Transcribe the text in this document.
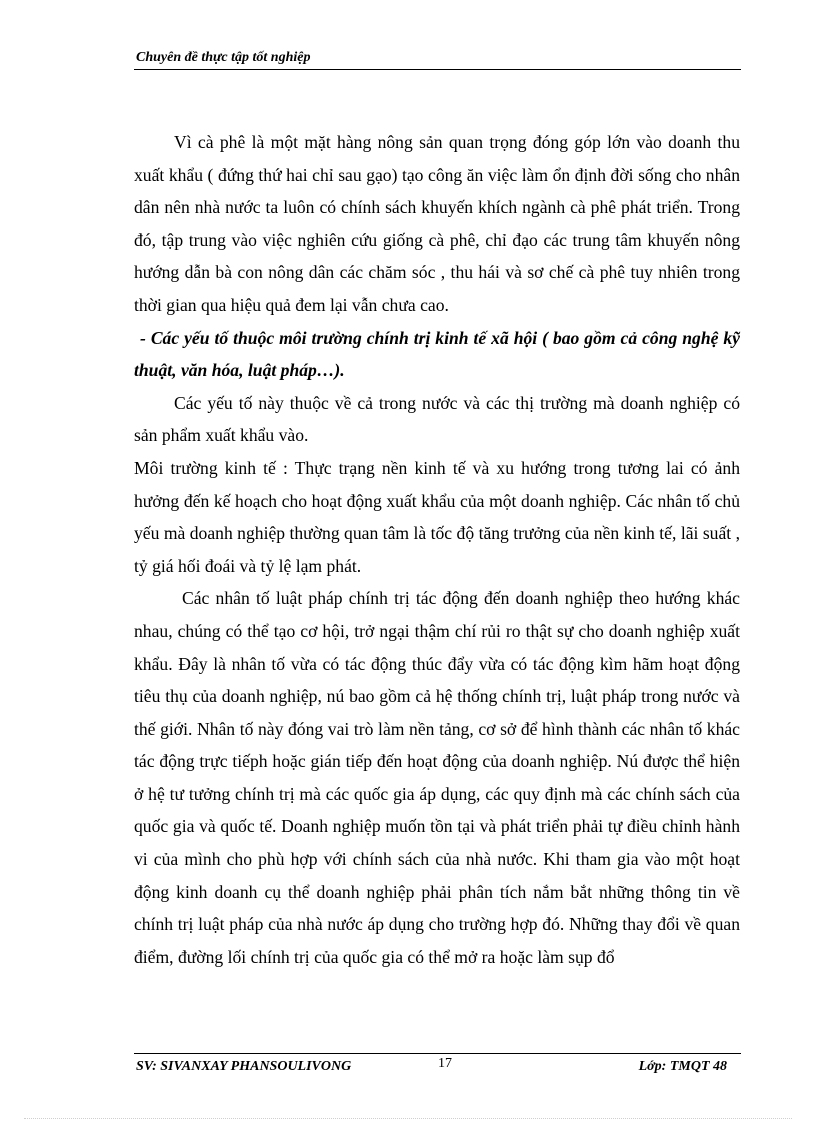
Chuyên đề thực tập tốt nghiệp

Vì cà phê là một mặt hàng nông sản quan trọng đóng góp lớn vào doanh thu xuất khẩu ( đứng thứ hai chỉ sau gạo) tạo công ăn việc làm ổn định đời sống cho nhân dân nên nhà nước ta luôn có chính sách khuyến khích ngành cà phê phát triển. Trong đó, tập trung vào việc nghiên cứu giống cà phê, chỉ đạo các trung tâm khuyến nông hướng dẫn bà con nông dân các chăm sóc , thu hái và sơ chế cà phê tuy nhiên trong thời gian qua hiệu quả đem lại vẫn chưa cao.

- Các yếu tố thuộc môi trường chính trị kinh tế xã hội ( bao gồm cả công nghệ kỹ thuật, văn hóa, luật pháp…).

Các yếu tố này thuộc về cả trong nước và các thị trường mà doanh nghiệp có sản phẩm xuất khẩu vào.

Môi trường kinh tế : Thực trạng nền kinh tế và xu hướng trong tương lai có ảnh hưởng đến kế hoạch cho hoạt động xuất khẩu của một doanh nghiệp. Các nhân tố chủ yếu mà doanh nghiệp thường quan tâm là tốc độ tăng trưởng của nền kinh tế, lãi suất , tỷ giá hối đoái và tỷ lệ lạm phát.

Các nhân tố luật pháp chính trị tác động đến doanh nghiệp theo hướng khác nhau, chúng có thể tạo cơ hội, trở ngại thậm chí rủi ro thật sự cho doanh nghiệp xuất khẩu. Đây là nhân tố vừa có tác động thúc đẩy vừa có tác động kìm hãm hoạt động tiêu thụ của doanh nghiệp, nú bao gồm cả hệ thống chính trị, luật pháp trong nước và thế giới. Nhân tố này đóng vai trò làm nền tảng, cơ sở để hình thành các nhân tố khác tác động trực tiếph hoặc gián tiếp đến hoạt động của doanh nghiệp. Nú được thể hiện ở hệ tư tưởng chính trị mà các quốc gia áp dụng, các quy định mà các chính sách của quốc gia và quốc tế. Doanh nghiệp muốn tồn tại và phát triển phải tự điều chỉnh hành vi của mình cho phù hợp với chính sách của nhà nước. Khi tham gia vào một hoạt động kinh doanh cụ thể doanh nghiệp phải phân tích nắm bắt những thông tin về chính trị luật pháp của nhà nước áp dụng cho trường hợp đó. Những thay đổi về quan điểm, đường lối chính trị của quốc gia có thể mở ra hoặc làm sụp đổ

SV: SIVANXAY PHANSOULIVONG	17	Lớp: TMQT 48
